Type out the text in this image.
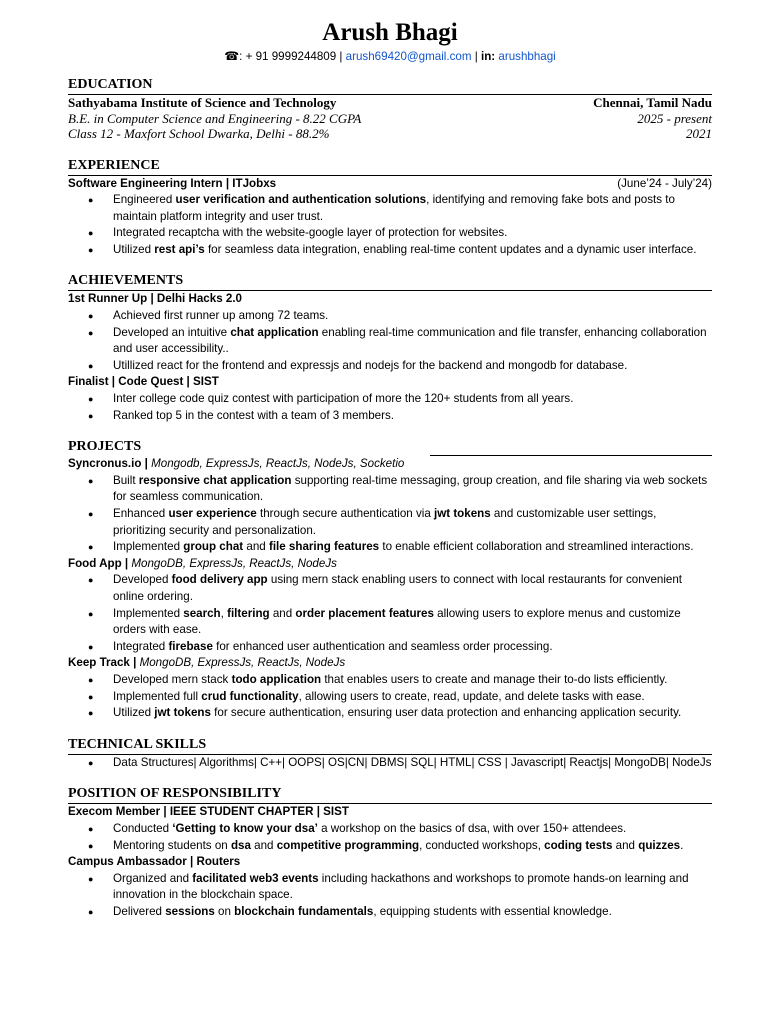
Arush Bhagi
☎: + 91 9999244809 | arush69420@gmail.com | in: arushbhagi
EDUCATION
Sathyabama Institute of Science and Technology	Chennai, Tamil Nadu
B.E. in Computer Science and Engineering - 8.22 CGPA	2025 - present
Class 12 - Maxfort School Dwarka, Delhi - 88.2%	2021
EXPERIENCE
Software Engineering Intern | ITJobxs	(June’24 - July’24)
● Engineered user verification and authentication solutions, identifying and removing fake bots and posts to maintain platform integrity and user trust.
● Integrated recaptcha with the website-google layer of protection for websites.
● Utilized rest api’s for seamless data integration, enabling real-time content updates and a dynamic user interface.
ACHIEVEMENTS
1st Runner Up | Delhi Hacks 2.0
● Achieved first runner up among 72 teams.
● Developed an intuitive chat application enabling real-time communication and file transfer, enhancing collaboration and user accessibility..
● Utillized react for the frontend and expressjs and nodejs for the backend and mongodb for database.
Finalist | Code Quest | SIST
● Inter college code quiz contest with participation of more the 120+ students from all years.
● Ranked top 5 in the contest with a team of 3 members.
PROJECTS
Syncronus.io | Mongodb, ExpressJs, ReactJs, NodeJs, Socketio
● Built responsive chat application supporting real-time messaging, group creation, and file sharing via web sockets for seamless communication.
● Enhanced user experience through secure authentication via jwt tokens and customizable user settings, prioritizing security and personalization.
● Implemented group chat and file sharing features to enable efficient collaboration and streamlined interactions.
Food App | MongoDB, ExpressJs, ReactJs, NodeJs
● Developed food delivery app using mern stack enabling users to connect with local restaurants for convenient online ordering.
● Implemented search, filtering and order placement features allowing users to explore menus and customize orders with ease.
● Integrated firebase for enhanced user authentication and seamless order processing.
Keep Track | MongoDB, ExpressJs, ReactJs, NodeJs
● Developed mern stack todo application that enables users to create and manage their to-do lists efficiently.
● Implemented full crud functionality, allowing users to create, read, update, and delete tasks with ease.
● Utilized jwt tokens for secure authentication, ensuring user data protection and enhancing application security.
TECHNICAL SKILLS
● Data Structures| Algorithms| C++| OOPS| OS|CN| DBMS| SQL| HTML| CSS | Javascript| Reactjs| MongoDB| NodeJs
POSITION OF RESPONSIBILITY
Execom Member | IEEE STUDENT CHAPTER | SIST
● Conducted ‘Getting to know your dsa’ a workshop on the basics of dsa, with over 150+ attendees.
● Mentoring students on dsa and competitive programming, conducted workshops, coding tests and quizzes.
Campus Ambassador | Routers
● Organized and facilitated web3 events including hackathons and workshops to promote hands-on learning and innovation in the blockchain space.
● Delivered sessions on blockchain fundamentals, equipping students with essential knowledge.
